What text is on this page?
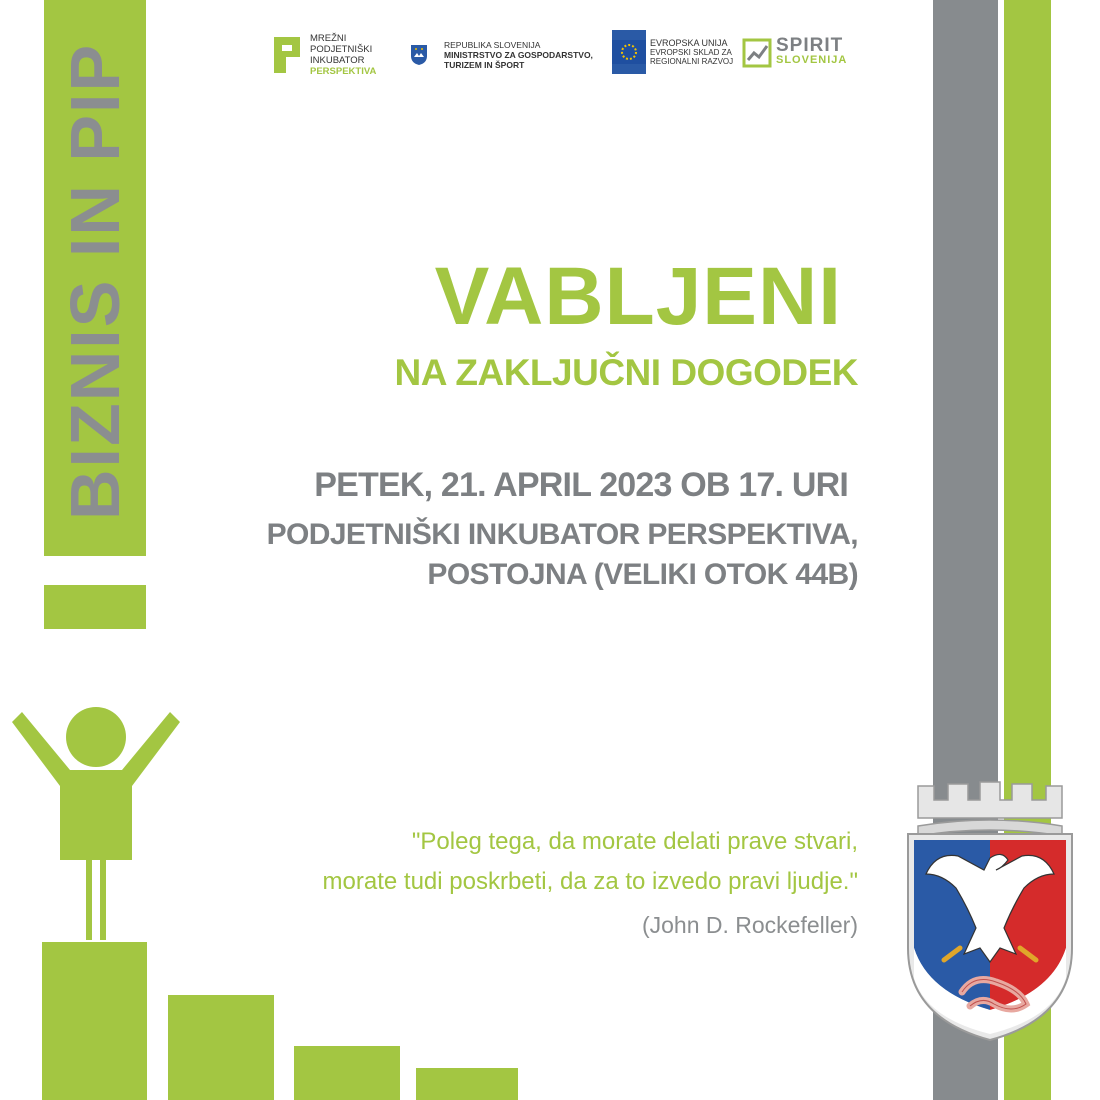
BIZNIS IN PIP
MREŽNI
PODJETNIŠKI
INKUBATOR
PERSPEKTIVA
REPUBLIKA SLOVENIJA
MINISTRSTVO ZA GOSPODARSTVO,
TURIZEM IN ŠPORT
EVROPSKA UNIJA
EVROPSKI SKLAD ZA
REGIONALNI RAZVOJ
SPIRIT
SLOVENIJA
VABLJENI
NA ZAKLJUČNI DOGODEK
PETEK, 21. APRIL 2023 OB 17. URI
PODJETNIŠKI INKUBATOR PERSPEKTIVA,
POSTOJNA (VELIKI OTOK 44B)
"Poleg tega, da morate delati prave stvari,
morate tudi poskrbeti, da za to izvedo pravi ljudje."
(John D. Rockefeller)
